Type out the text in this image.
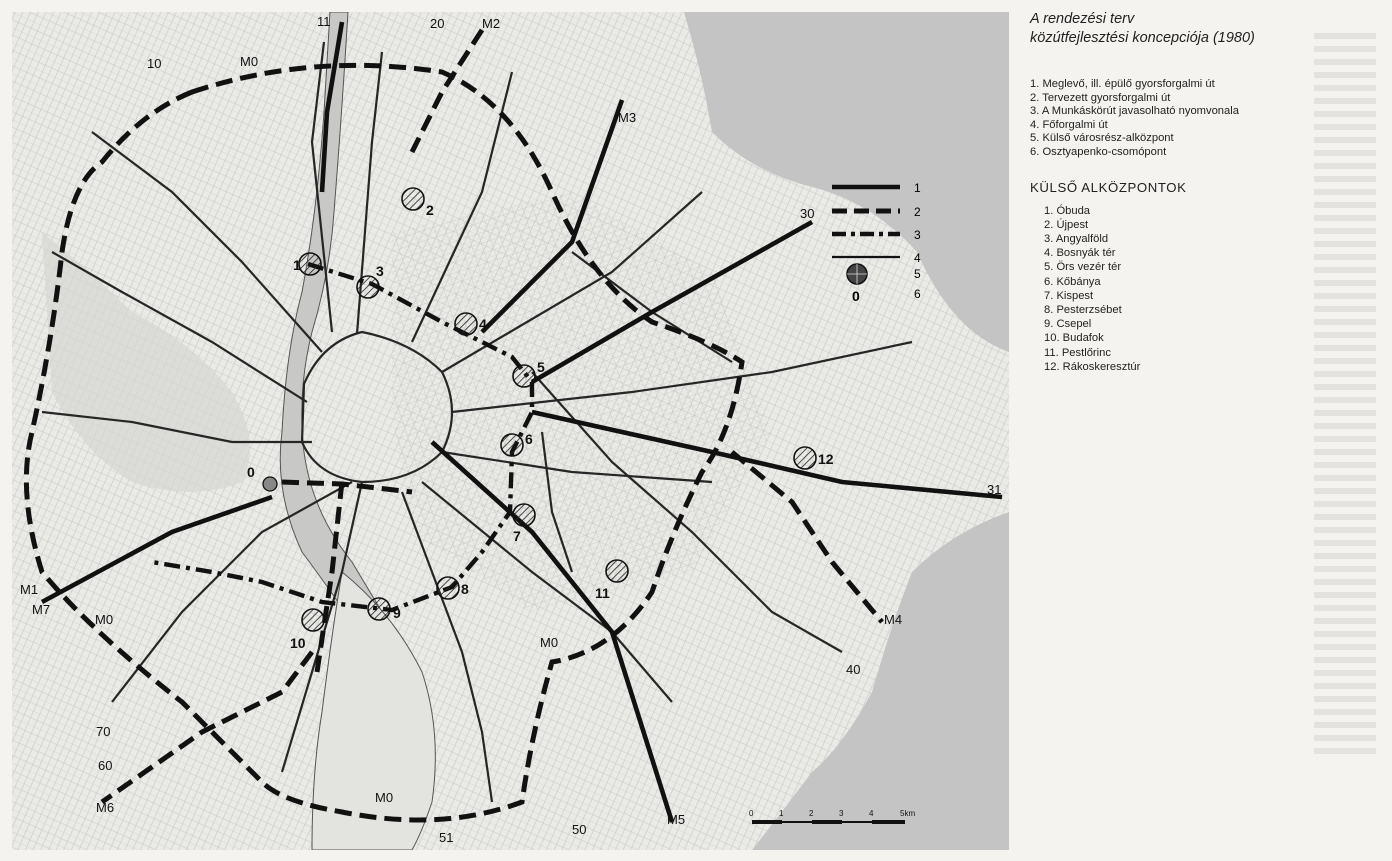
1
2
3
4
5
6
0
1
2
3
4
5
6
7
8
9
10
11
12
0
M0
M0
M0
M0
M1
M2
M3
M4
M5
M6
M7
10
11	20
30
31
40
50
51
60
70
0	1	2	3	4	5km
A rendezési terv
közútfejlesztési koncepciója (1980)
1. Meglevő, ill. épülő gyorsforgalmi út
2. Tervezett gyorsforgalmi út
3. A Munkáskörút javasolható nyomvonala
4. Főforgalmi út
5. Külső városrész-alközpont
6. Osztyapenko-csomópont
KÜLSŐ ALKÖZPONTOK
1. Óbuda
2. Újpest
3. Angyalföld
4. Bosnyák tér
5. Örs vezér tér
6. Kőbánya
7. Kispest
8. Pesterzsébet
9. Csepel
10. Budafok
11. Pestlőrinc
12. Rákoskeresztúr
